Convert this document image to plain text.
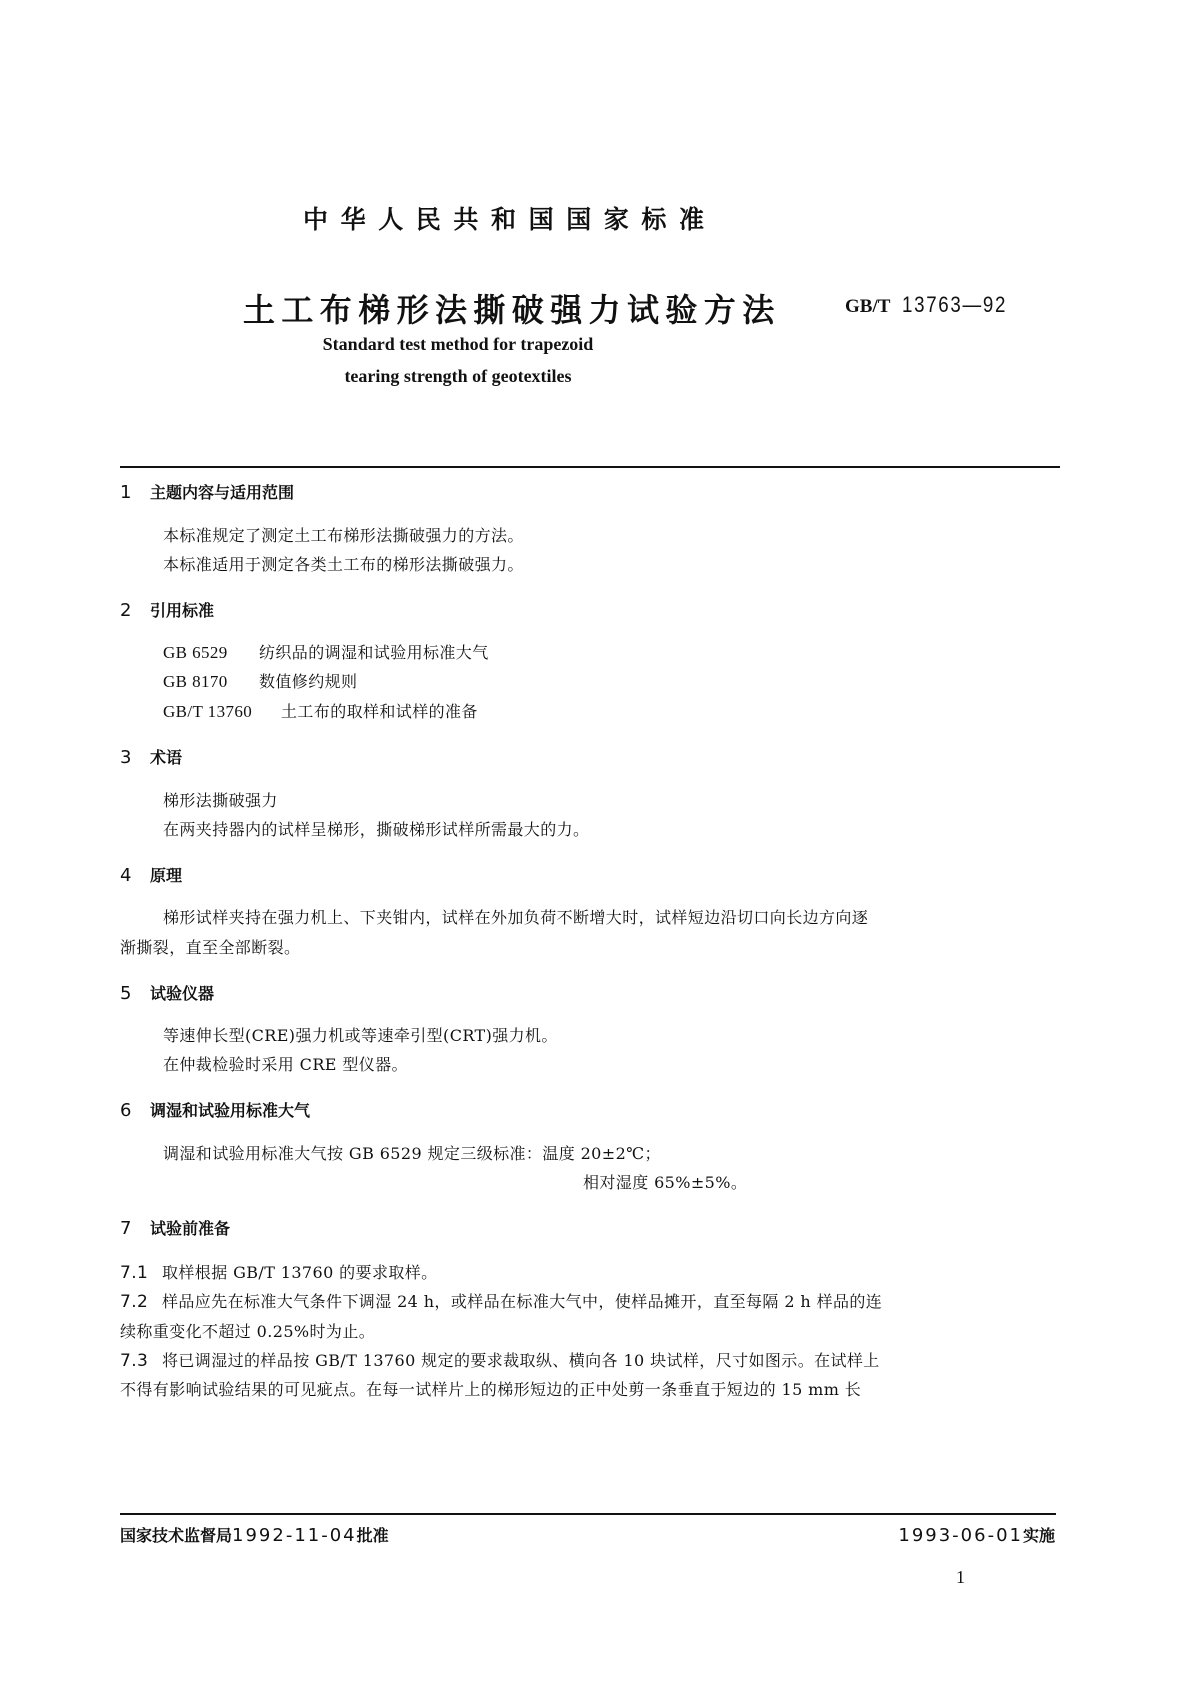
中华人民共和国国家标准
土工布梯形法撕破强力试验方法	GB/T 13763—92
Standard test method for trapezoid
tearing strength of geotextiles
1 主题内容与适用范围
本标准规定了测定土工布梯形法撕破强力的方法。
本标准适用于测定各类土工布的梯形法撕破强力。
2 引用标准
GB 6529 纺织品的调湿和试验用标准大气
GB 8170 数值修约规则
GB/T 13760 土工布的取样和试样的准备
3 术语
梯形法撕破强力
在两夹持器内的试样呈梯形，撕破梯形试样所需最大的力。
4 原理
梯形试样夹持在强力机上、下夹钳内，试样在外加负荷不断增大时，试样短边沿切口向长边方向逐
渐撕裂，直至全部断裂。
5 试验仪器
等速伸长型(CRE)强力机或等速牵引型(CRT)强力机。
在仲裁检验时采用 CRE 型仪器。
6 调湿和试验用标准大气
调湿和试验用标准大气按 GB 6529 规定三级标准：温度 20±2℃；
相对湿度 65%±5%。
7 试验前准备
7.1 取样根据 GB/T 13760 的要求取样。
7.2 样品应先在标准大气条件下调湿 24 h，或样品在标准大气中，使样品摊开，直至每隔 2 h 样品的连
续称重变化不超过 0.25%时为止。
7.3 将已调湿过的样品按 GB/T 13760 规定的要求裁取纵、横向各 10 块试样，尺寸如图示。在试样上
不得有影响试验结果的可见疵点。在每一试样片上的梯形短边的正中处剪一条垂直于短边的 15 mm 长
国家技术监督局1992-11-04批准	1993-06-01实施
1
